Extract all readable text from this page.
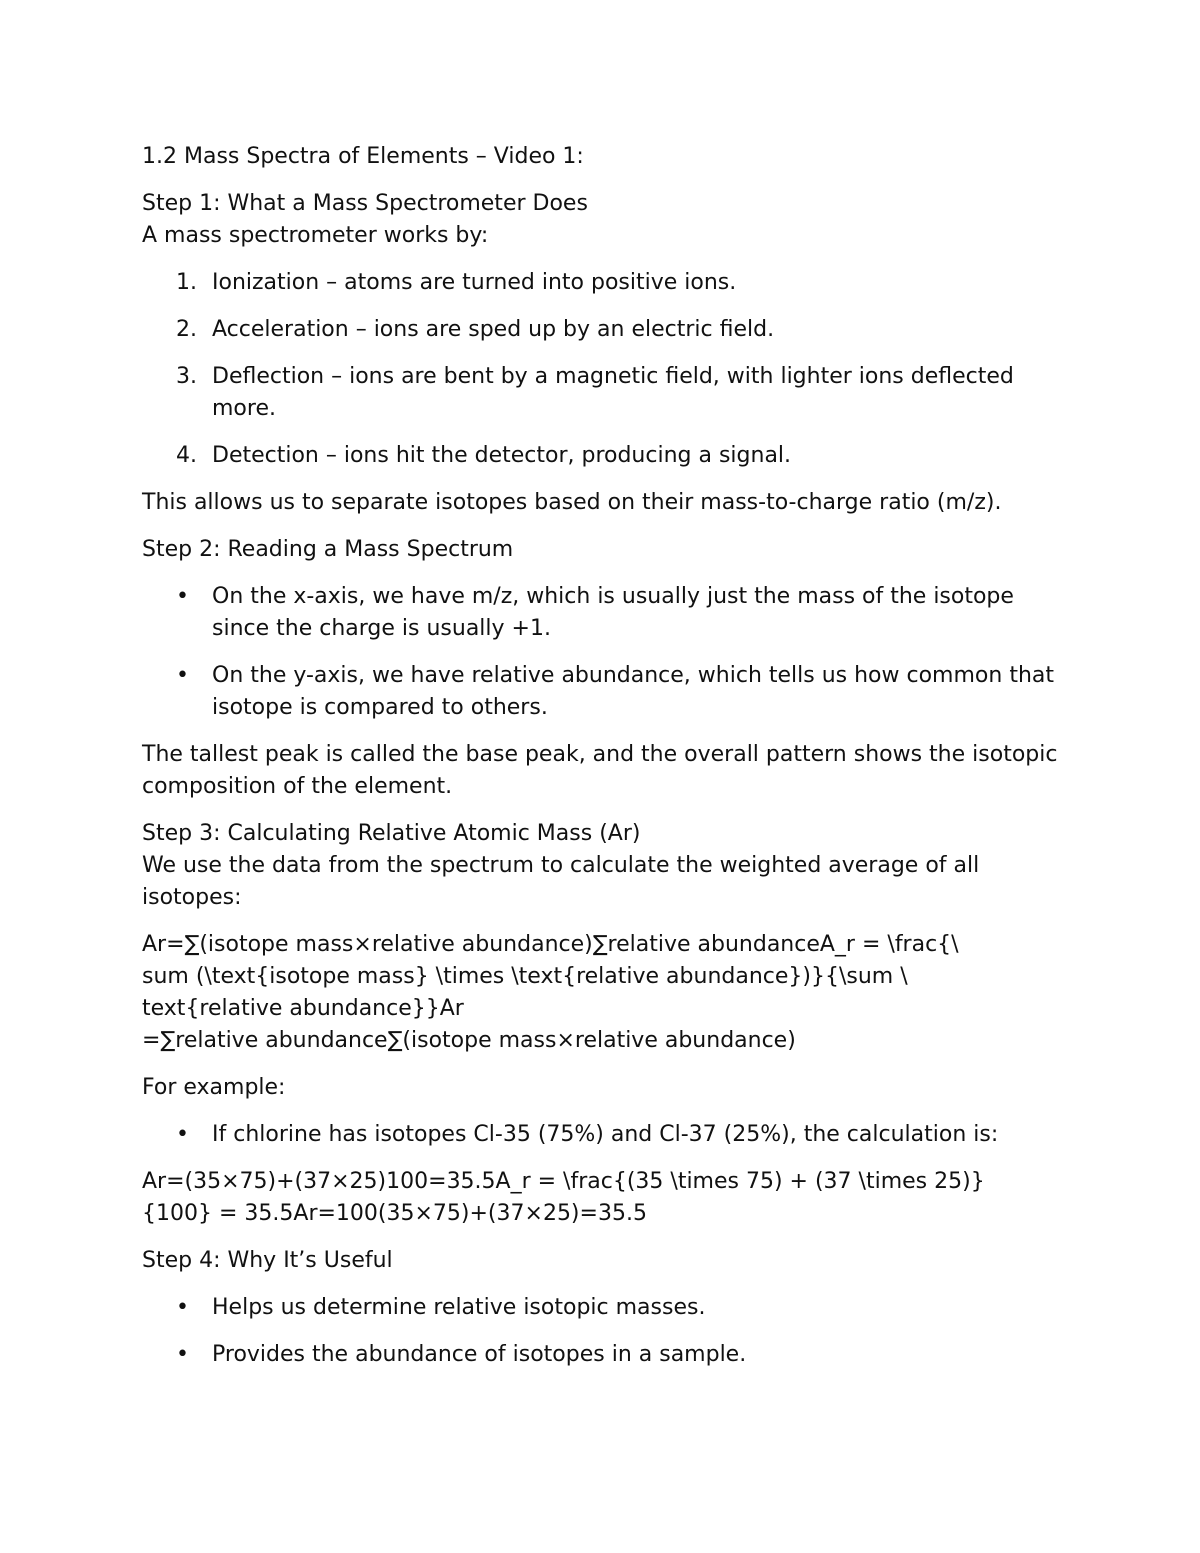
1.2 Mass Spectra of Elements – Video 1:

Step 1: What a Mass Spectrometer Does

A mass spectrometer works by:

1. Ionization – atoms are turned into positive ions.
2. Acceleration – ions are sped up by an electric field.
3. Deflection – ions are bent by a magnetic field, with lighter ions deflected more.
4. Detection – ions hit the detector, producing a signal.

This allows us to separate isotopes based on their mass-to-charge ratio (m/z).

Step 2: Reading a Mass Spectrum

• On the x-axis, we have m/z, which is usually just the mass of the isotope since the charge is usually +1.
• On the y-axis, we have relative abundance, which tells us how common that isotope is compared to others.

The tallest peak is called the base peak, and the overall pattern shows the isotopic composition of the element.

Step 3: Calculating Relative Atomic Mass (Ar)

We use the data from the spectrum to calculate the weighted average of all isotopes:

Ar=∑(isotope mass×relative abundance)∑relative abundanceA_r = \frac{\

sum (\text{isotope mass} \times \text{relative abundance})}{\sum \

text{relative abundance}}Ar

=∑relative abundance∑(isotope mass×relative abundance)

For example:

• If chlorine has isotopes Cl-35 (75%) and Cl-37 (25%), the calculation is:

Ar=(35×75)+(37×25)100=35.5A_r = \frac{(35 \times 75) + (37 \times 25)}

{100} = 35.5Ar=100(35×75)+(37×25)=35.5

Step 4: Why It’s Useful

• Helps us determine relative isotopic masses.
• Provides the abundance of isotopes in a sample.
